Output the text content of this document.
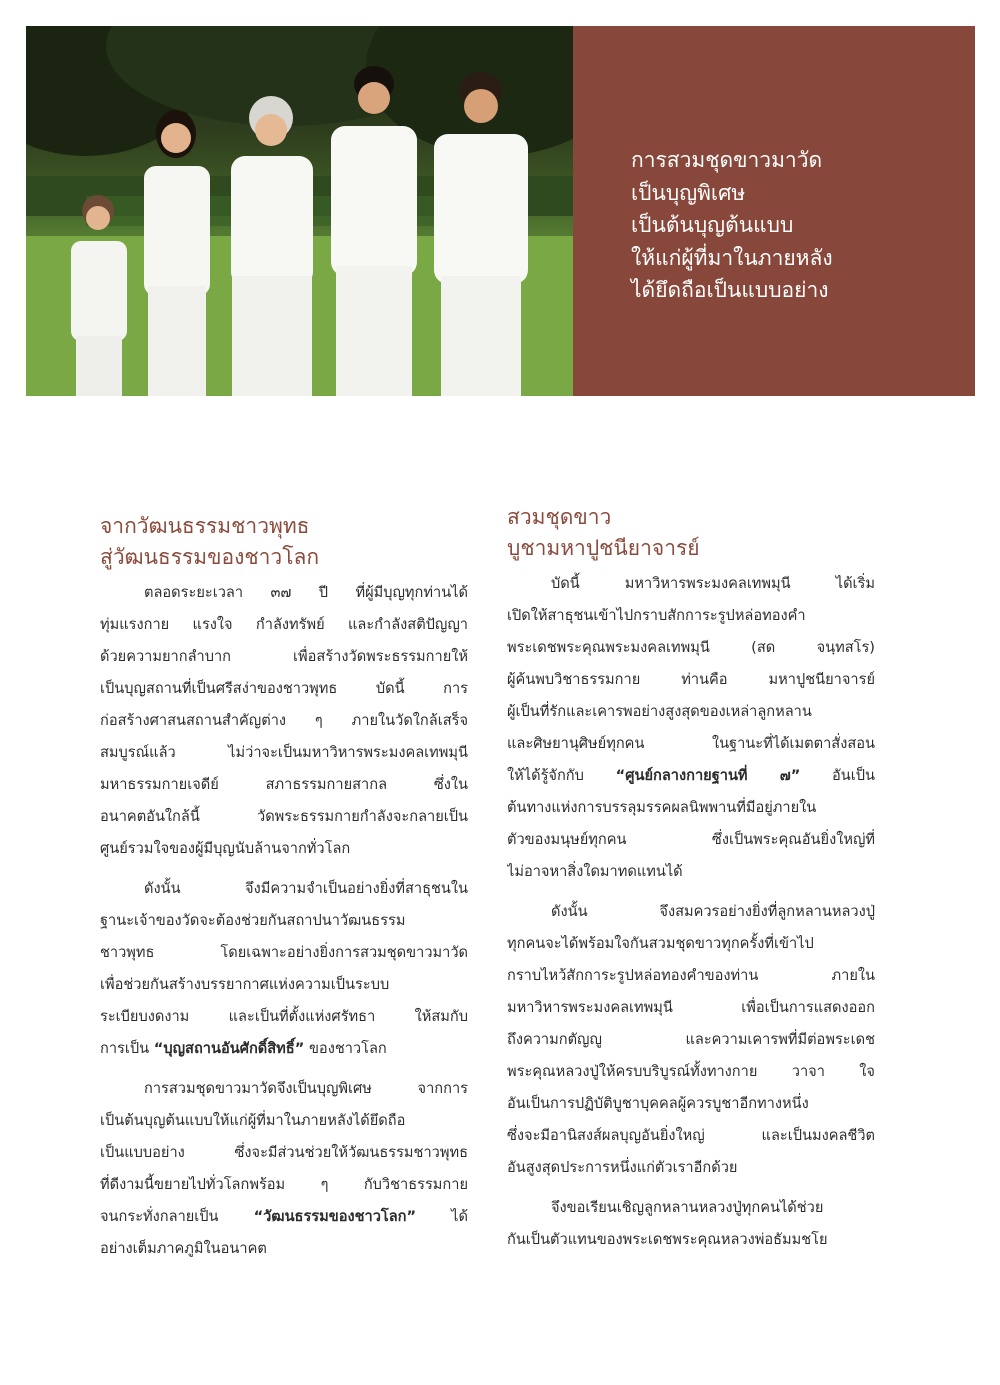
การสวมชุดขาวมาวัด
เป็นบุญพิเศษ
เป็นต้นบุญต้นแบบ
ให้แก่ผู้ที่มาในภายหลัง
ได้ยึดถือเป็นแบบอย่าง
จากวัฒนธรรมชาวพุทธ
สู่วัฒนธรรมของชาวโลก
ตลอดระยะเวลา ๓๗ ปี ที่ผู้มีบุญทุกท่านได้
ทุ่มแรงกาย แรงใจ กำลังทรัพย์ และกำลังสติปัญญา
ด้วยความยากลำบาก เพื่อสร้างวัดพระธรรมกายให้
เป็นบุญสถานที่เป็นศรีสง่าของชาวพุทธ บัดนี้ การ
ก่อสร้างศาสนสถานสำคัญต่าง ๆ ภายในวัดใกล้เสร็จ
สมบูรณ์แล้ว ไม่ว่าจะเป็นมหาวิหารพระมงคลเทพมุนี
มหาธรรมกายเจดีย์ สภาธรรมกายสากล ซึ่งใน
อนาคตอันใกล้นี้ วัดพระธรรมกายกำลังจะกลายเป็น
ศูนย์รวมใจของผู้มีบุญนับล้านจากทั่วโลก
ดังนั้น จึงมีความจำเป็นอย่างยิ่งที่สาธุชนใน
ฐานะเจ้าของวัดจะต้องช่วยกันสถาปนาวัฒนธรรม
ชาวพุทธ โดยเฉพาะอย่างยิ่งการสวมชุดขาวมาวัด
เพื่อช่วยกันสร้างบรรยากาศแห่งความเป็นระบบ
ระเบียบงดงาม และเป็นที่ตั้งแห่งศรัทธา ให้สมกับ
การเป็น “บุญสถานอันศักดิ์สิทธิ์” ของชาวโลก
การสวมชุดขาวมาวัดจึงเป็นบุญพิเศษ จากการ
เป็นต้นบุญต้นแบบให้แก่ผู้ที่มาในภายหลังได้ยึดถือ
เป็นแบบอย่าง ซึ่งจะมีส่วนช่วยให้วัฒนธรรมชาวพุทธ
ที่ดีงามนี้ขยายไปทั่วโลกพร้อม ๆ กับวิชาธรรมกาย
จนกระทั่งกลายเป็น “วัฒนธรรมของชาวโลก” ได้
อย่างเต็มภาคภูมิในอนาคต
สวมชุดขาว
บูชามหาปูชนียาจารย์
บัดนี้ มหาวิหารพระมงคลเทพมุนี ได้เริ่ม
เปิดให้สาธุชนเข้าไปกราบสักการะรูปหล่อทองคำ
พระเดชพระคุณพระมงคลเทพมุนี (สด จนฺทสโร)
ผู้ค้นพบวิชาธรรมกาย ท่านคือ มหาปูชนียาจารย์
ผู้เป็นที่รักและเคารพอย่างสูงสุดของเหล่าลูกหลาน
และศิษยานุศิษย์ทุกคน ในฐานะที่ได้เมตตาสั่งสอน
ให้ได้รู้จักกับ “ศูนย์กลางกายฐานที่ ๗” อันเป็น
ต้นทางแห่งการบรรลุมรรคผลนิพพานที่มีอยู่ภายใน
ตัวของมนุษย์ทุกคน ซึ่งเป็นพระคุณอันยิ่งใหญ่ที่
ไม่อาจหาสิ่งใดมาทดแทนได้
ดังนั้น จึงสมควรอย่างยิ่งที่ลูกหลานหลวงปู่
ทุกคนจะได้พร้อมใจกันสวมชุดขาวทุกครั้งที่เข้าไป
กราบไหว้สักการะรูปหล่อทองคำของท่าน ภายใน
มหาวิหารพระมงคลเทพมุนี เพื่อเป็นการแสดงออก
ถึงความกตัญญู และความเคารพที่มีต่อพระเดช
พระคุณหลวงปู่ให้ครบบริบูรณ์ทั้งทางกาย วาจา ใจ
อันเป็นการปฏิบัติบูชาบุคคลผู้ควรบูชาอีกทางหนึ่ง
ซึ่งจะมีอานิสงส์ผลบุญอันยิ่งใหญ่ และเป็นมงคลชีวิต
อันสูงสุดประการหนึ่งแก่ตัวเราอีกด้วย
จึงขอเรียนเชิญลูกหลานหลวงปู่ทุกคนได้ช่วย
กันเป็นตัวแทนของพระเดชพระคุณหลวงพ่อธัมมชโย
